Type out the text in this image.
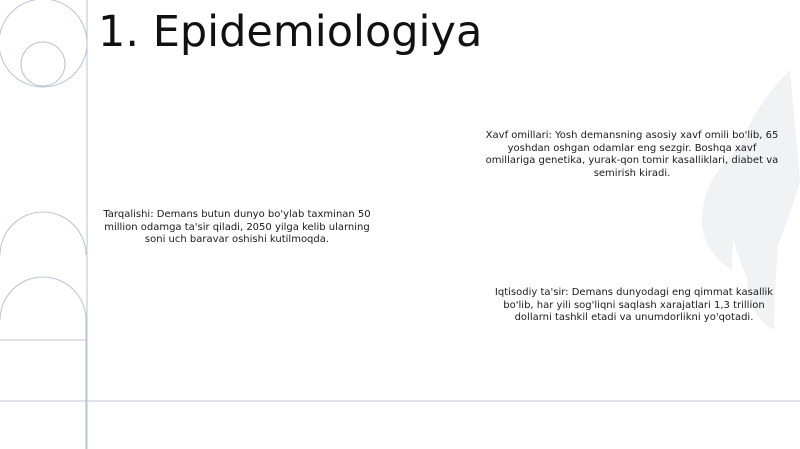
1. Epidemiologiya

Xavf omillari: Yosh demansning asosiy xavf omili bo'lib, 65 yoshdan oshgan odamlar eng sezgir. Boshqa xavf omillariga genetika, yurak-qon tomir kasalliklari, diabet va semirish kiradi.

Tarqalishi: Demans butun dunyo bo'ylab taxminan 50 million odamga ta'sir qiladi, 2050 yilga kelib ularning soni uch baravar oshishi kutilmoqda.

Iqtisodiy ta'sir: Demans dunyodagi eng qimmat kasallik bo'lib, har yili sog'liqni saqlash xarajatlari 1,3 trillion dollarni tashkil etadi va unumdorlikni yo'qotadi.
